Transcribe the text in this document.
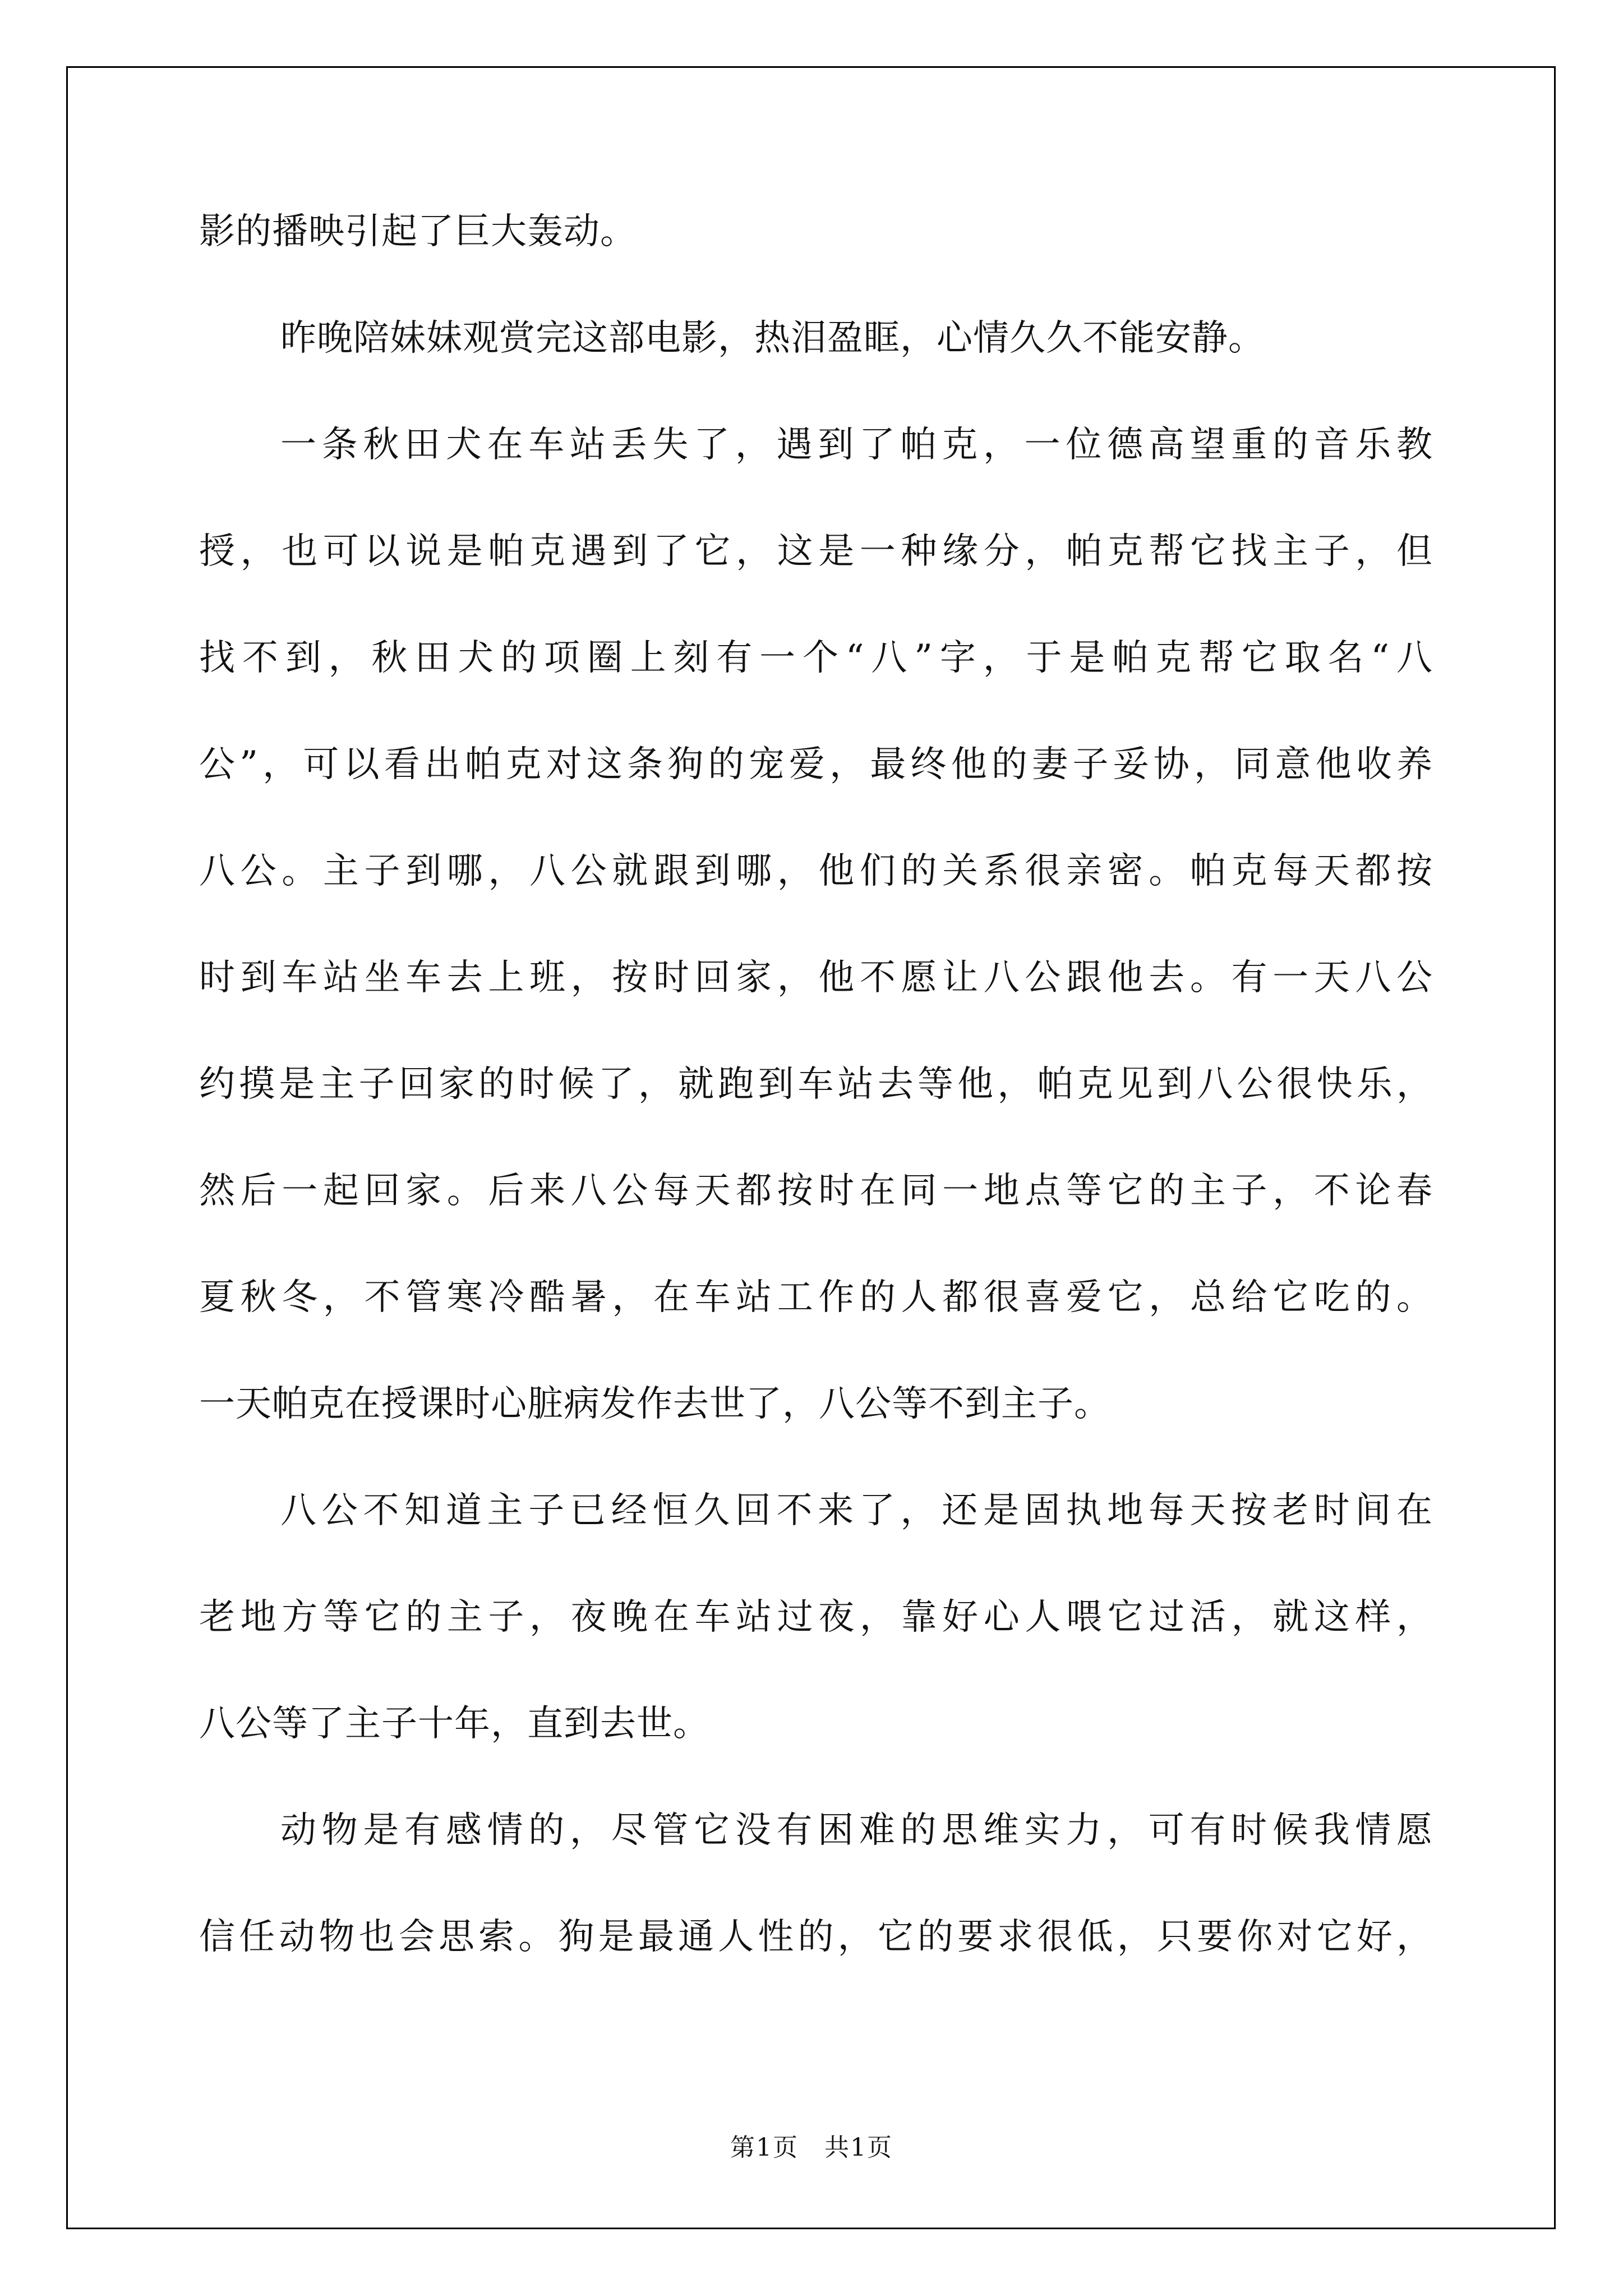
影的播映引起了巨大轰动。
昨晚陪妹妹观赏完这部电影，热泪盈眶，心情久久不能安静。
一条秋田犬在车站丢失了，遇到了帕克，一位德高望重的音乐教
授，也可以说是帕克遇到了它，这是一种缘分，帕克帮它找主子，但
找不到，秋田犬的项圈上刻有一个“八”字，于是帕克帮它取名“八
公”，可以看出帕克对这条狗的宠爱，最终他的妻子妥协，同意他收养
八公。主子到哪，八公就跟到哪，他们的关系很亲密。帕克每天都按
时到车站坐车去上班，按时回家，他不愿让八公跟他去。有一天八公
约摸是主子回家的时候了，就跑到车站去等他，帕克见到八公很快乐，
然后一起回家。后来八公每天都按时在同一地点等它的主子，不论春
夏秋冬，不管寒冷酷暑，在车站工作的人都很喜爱它，总给它吃的。
一天帕克在授课时心脏病发作去世了，八公等不到主子。
八公不知道主子已经恒久回不来了，还是固执地每天按老时间在
老地方等它的主子，夜晚在车站过夜，靠好心人喂它过活，就这样，
八公等了主子十年，直到去世。
动物是有感情的，尽管它没有困难的思维实力，可有时候我情愿
信任动物也会思索。狗是最通人性的，它的要求很低，只要你对它好，
第1页　共1页
